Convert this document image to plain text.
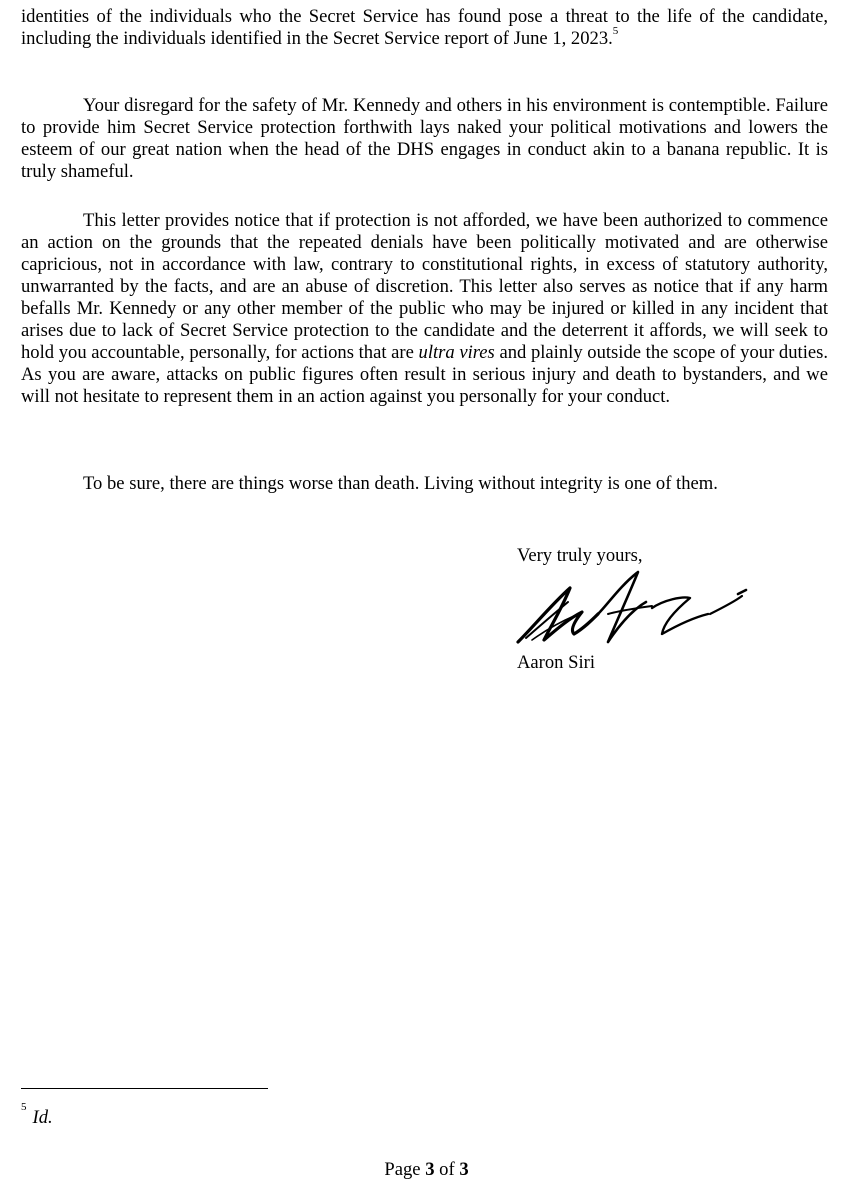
identities of the individuals who the Secret Service has found pose a threat to the life of the candidate, including the individuals identified in the Secret Service report of June 1, 2023.$^5$

Your disregard for the safety of Mr. Kennedy and others in his environment is contemptible. Failure to provide him Secret Service protection forthwith lays naked your political motivations and lowers the esteem of our great nation when the head of the DHS engages in conduct akin to a banana republic. It is truly shameful.

This letter provides notice that if protection is not afforded, we have been authorized to commence an action on the grounds that the repeated denials have been politically motivated and are otherwise capricious, not in accordance with law, contrary to constitutional rights, in excess of statutory authority, unwarranted by the facts, and are an abuse of discretion. This letter also serves as notice that if any harm befalls Mr. Kennedy or any other member of the public who may be injured or killed in any incident that arises due to lack of Secret Service protection to the candidate and the deterrent it affords, we will seek to hold you accountable, personally, for actions that are ultra vires and plainly outside the scope of your duties. As you are aware, attacks on public figures often result in serious injury and death to bystanders, and we will not hesitate to represent them in an action against you personally for your conduct.

To be sure, there are things worse than death. Living without integrity is one of them.

Very truly yours,
Aaron Siri
$^5$Id.
Page 3 of 3
